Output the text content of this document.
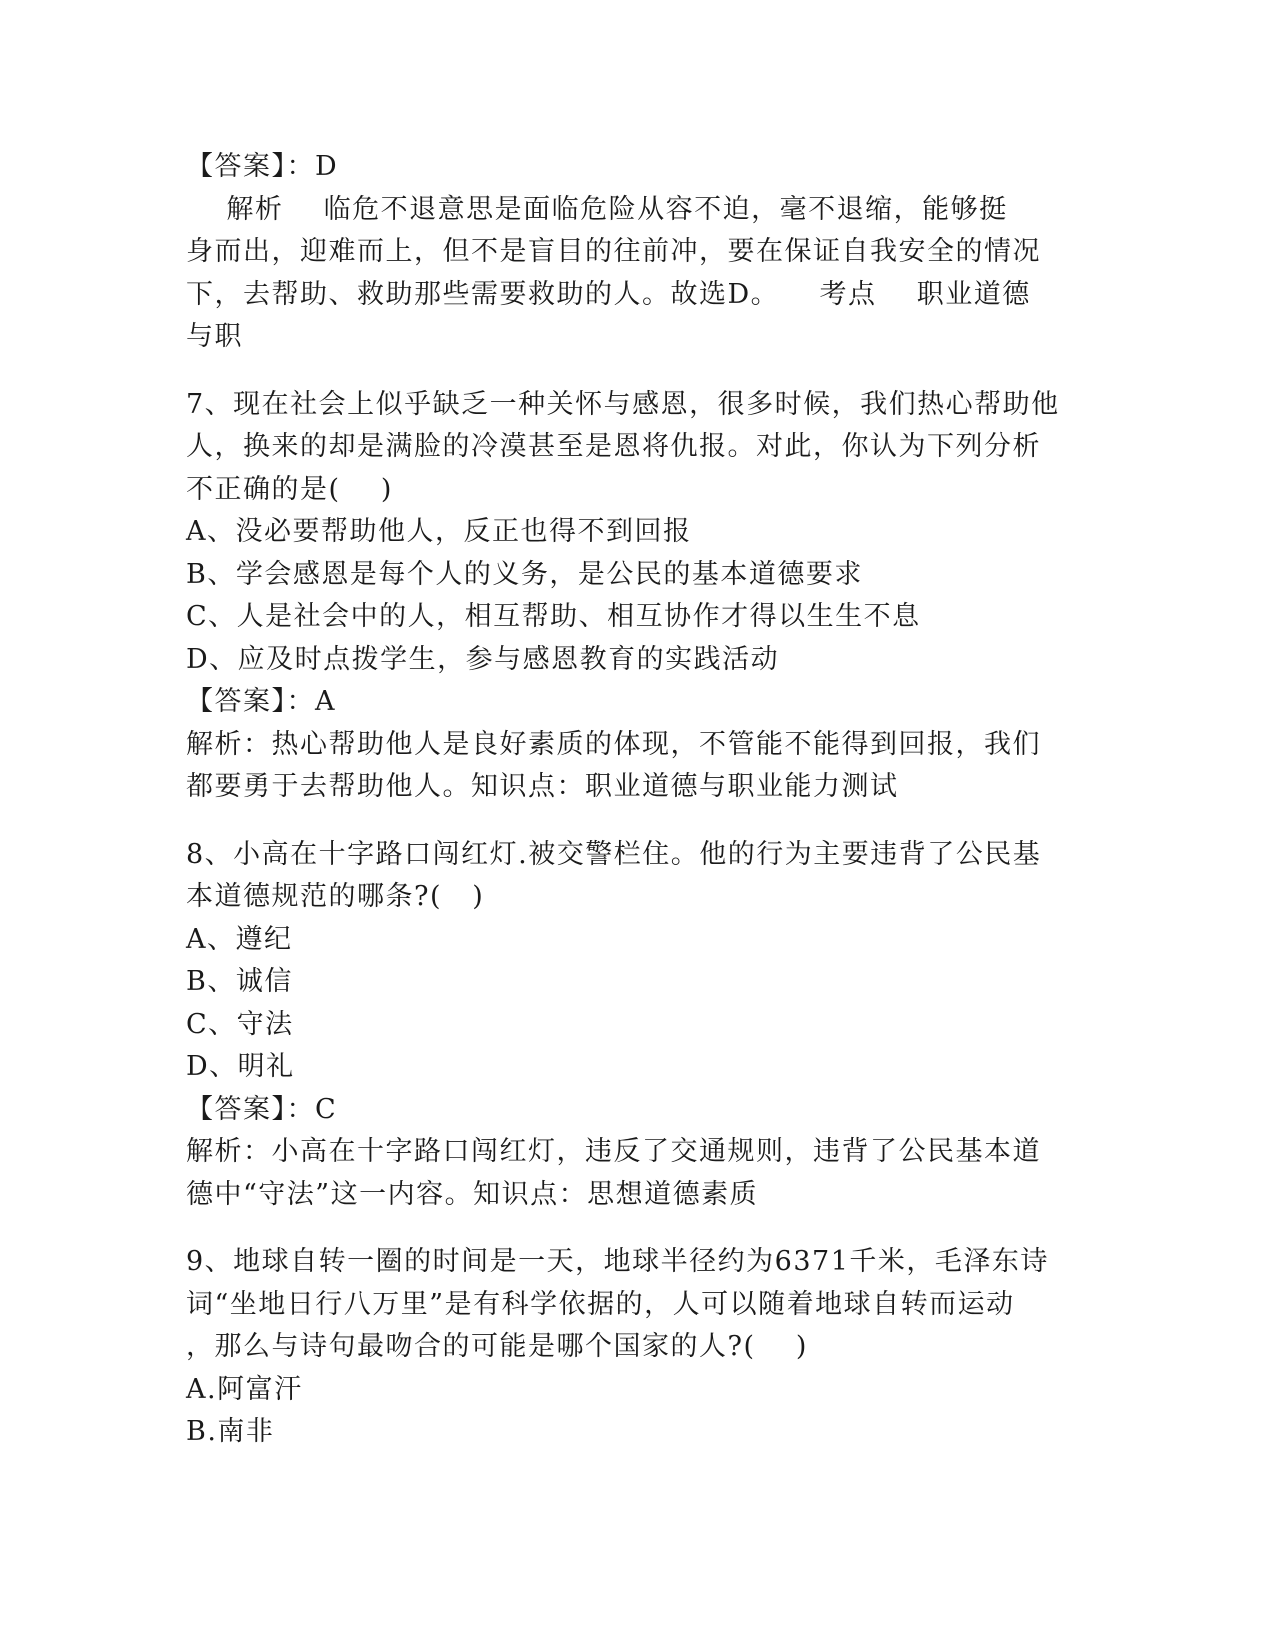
【答案】：D
解析    临危不退意思是面临危险从容不迫，毫不退缩，能够挺
身而出，迎难而上，但不是盲目的往前冲，要在保证自我安全的情况
下，去帮助、救助那些需要救助的人。故选D。    考点    职业道德
与职
7、现在社会上似乎缺乏一种关怀与感恩，很多时候，我们热心帮助他
人，换来的却是满脸的冷漠甚至是恩将仇报。对此，你认为下列分析
不正确的是(    )
A、没必要帮助他人，反正也得不到回报
B、学会感恩是每个人的义务，是公民的基本道德要求
C、人是社会中的人，相互帮助、相互协作才得以生生不息
D、应及时点拨学生，参与感恩教育的实践活动
【答案】：A
解析：热心帮助他人是良好素质的体现，不管能不能得到回报，我们
都要勇于去帮助他人。知识点：职业道德与职业能力测试
8、小高在十字路口闯红灯.被交警栏住。他的行为主要违背了公民基
本道德规范的哪条?(   )
A、遵纪
B、诚信
C、守法
D、明礼
【答案】：C
解析：小高在十字路口闯红灯，违反了交通规则，违背了公民基本道
德中“守法”这一内容。知识点：思想道德素质
9、地球自转一圈的时间是一天，地球半径约为6371千米，毛泽东诗
词“坐地日行八万里”是有科学依据的，人可以随着地球自转而运动
，那么与诗句最吻合的可能是哪个国家的人?(    )
A.阿富汗
B.南非
